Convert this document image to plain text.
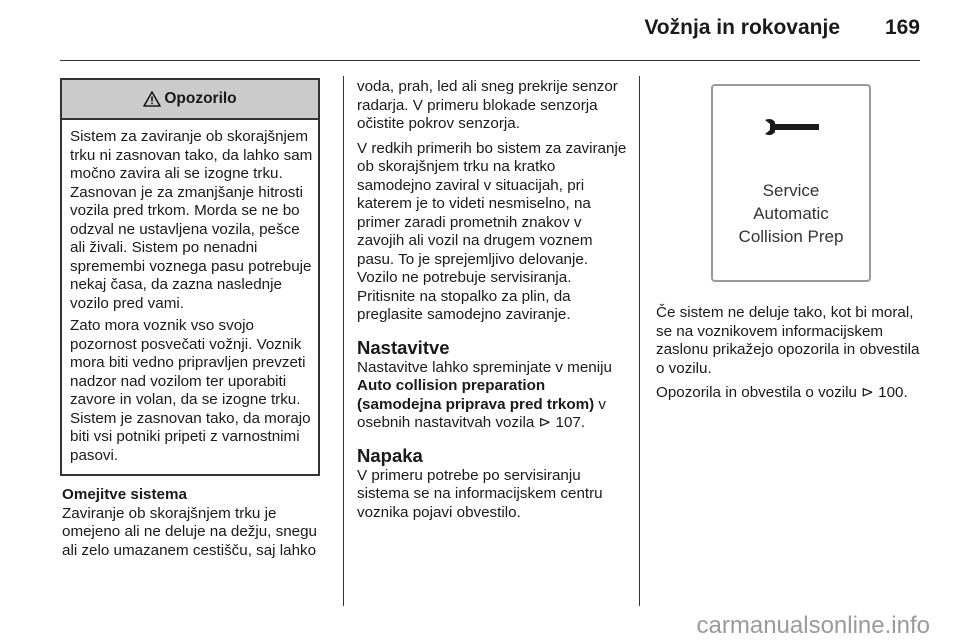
Vožnja in rokovanje 169
Opozorilo

Sistem za zaviranje ob skorajšnjem trku ni zasnovan tako, da lahko sam močno zavira ali se izogne trku. Zasnovan je za zmanjšanje hitrosti vozila pred trkom. Morda se ne bo odzval ne ustavljena vozila, pešce ali živali. Sistem po nenadni spremembi voznega pasu potrebuje nekaj časa, da zazna naslednje vozilo pred vami.

Zato mora voznik vso svojo pozornost posvečati vožnji. Voznik mora biti vedno pripravljen prevzeti nadzor nad vozilom ter uporabiti zavore in volan, da se izogne trku. Sistem je zasnovan tako, da morajo biti vsi potniki pripeti z varnostnimi pasovi.

Omejitve sistema

Zaviranje ob skorajšnjem trku je omejeno ali ne deluje na dežju, snegu ali zelo umazanem cestišču, saj lahko

voda, prah, led ali sneg prekrije senzor radarja. V primeru blokade senzorja očistite pokrov senzorja.

V redkih primerih bo sistem za zaviranje ob skorajšnjem trku na kratko samodejno zaviral v situacijah, pri katerem je to videti nesmiselno, na primer zaradi prometnih znakov v zavojih ali vozil na drugem voznem pasu. To je sprejemljivo delovanje. Vozilo ne potrebuje servisiranja. Pritisnite na stopalko za plin, da preglasite samodejno zaviranje.

Nastavitve

Nastavitve lahko spreminjate v meniju Auto collision preparation (samodejna priprava pred trkom) v osebnih nastavitvah vozila ⊳ 107.

Napaka

V primeru potrebe po servisiranju sistema se na informacijskem centru voznika pojavi obvestilo.

Service
Automatic
Collision Prep

Če sistem ne deluje tako, kot bi moral, se na voznikovem informacijskem zaslonu prikažejo opozorila in obvestila o vozilu.

Opozorila in obvestila o vozilu ⊳ 100.

carmanualsonline.info
